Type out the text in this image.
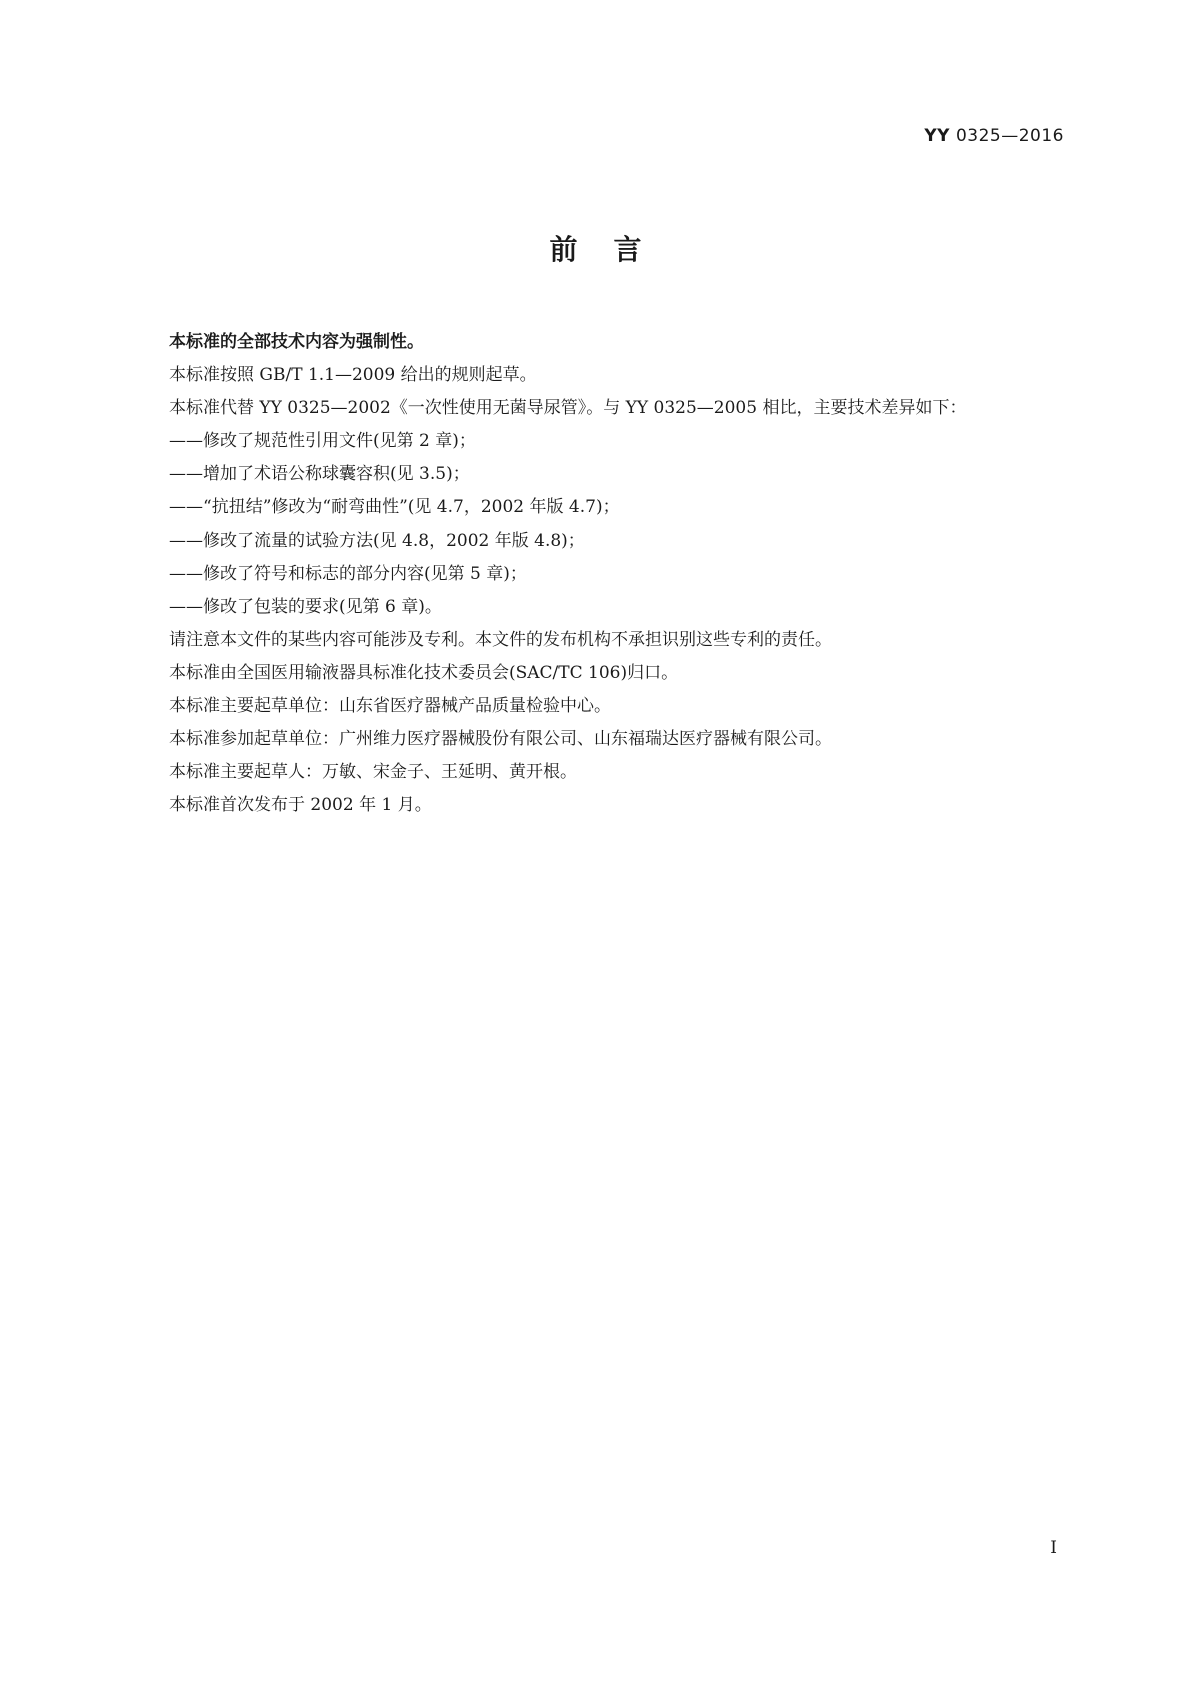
YY 0325—2016
前言

本标准的全部技术内容为强制性。

本标准按照 GB/T 1.1—2009 给出的规则起草。

本标准代替 YY 0325—2002《一次性使用无菌导尿管》。与 YY 0325—2005 相比，主要技术差异如下：

——修改了规范性引用文件(见第 2 章)；

——增加了术语公称球囊容积(见 3.5)；

——“抗扭结”修改为“耐弯曲性”(见 4.7，2002 年版 4.7)；

——修改了流量的试验方法(见 4.8，2002 年版 4.8)；

——修改了符号和标志的部分内容(见第 5 章)；

——修改了包装的要求(见第 6 章)。

请注意本文件的某些内容可能涉及专利。本文件的发布机构不承担识别这些专利的责任。

本标准由全国医用输液器具标准化技术委员会(SAC/TC 106)归口。

本标准主要起草单位：山东省医疗器械产品质量检验中心。

本标准参加起草单位：广州维力医疗器械股份有限公司、山东福瑞达医疗器械有限公司。

本标准主要起草人：万敏、宋金子、王延明、黄开根。

本标准首次发布于 2002 年 1 月。

I
